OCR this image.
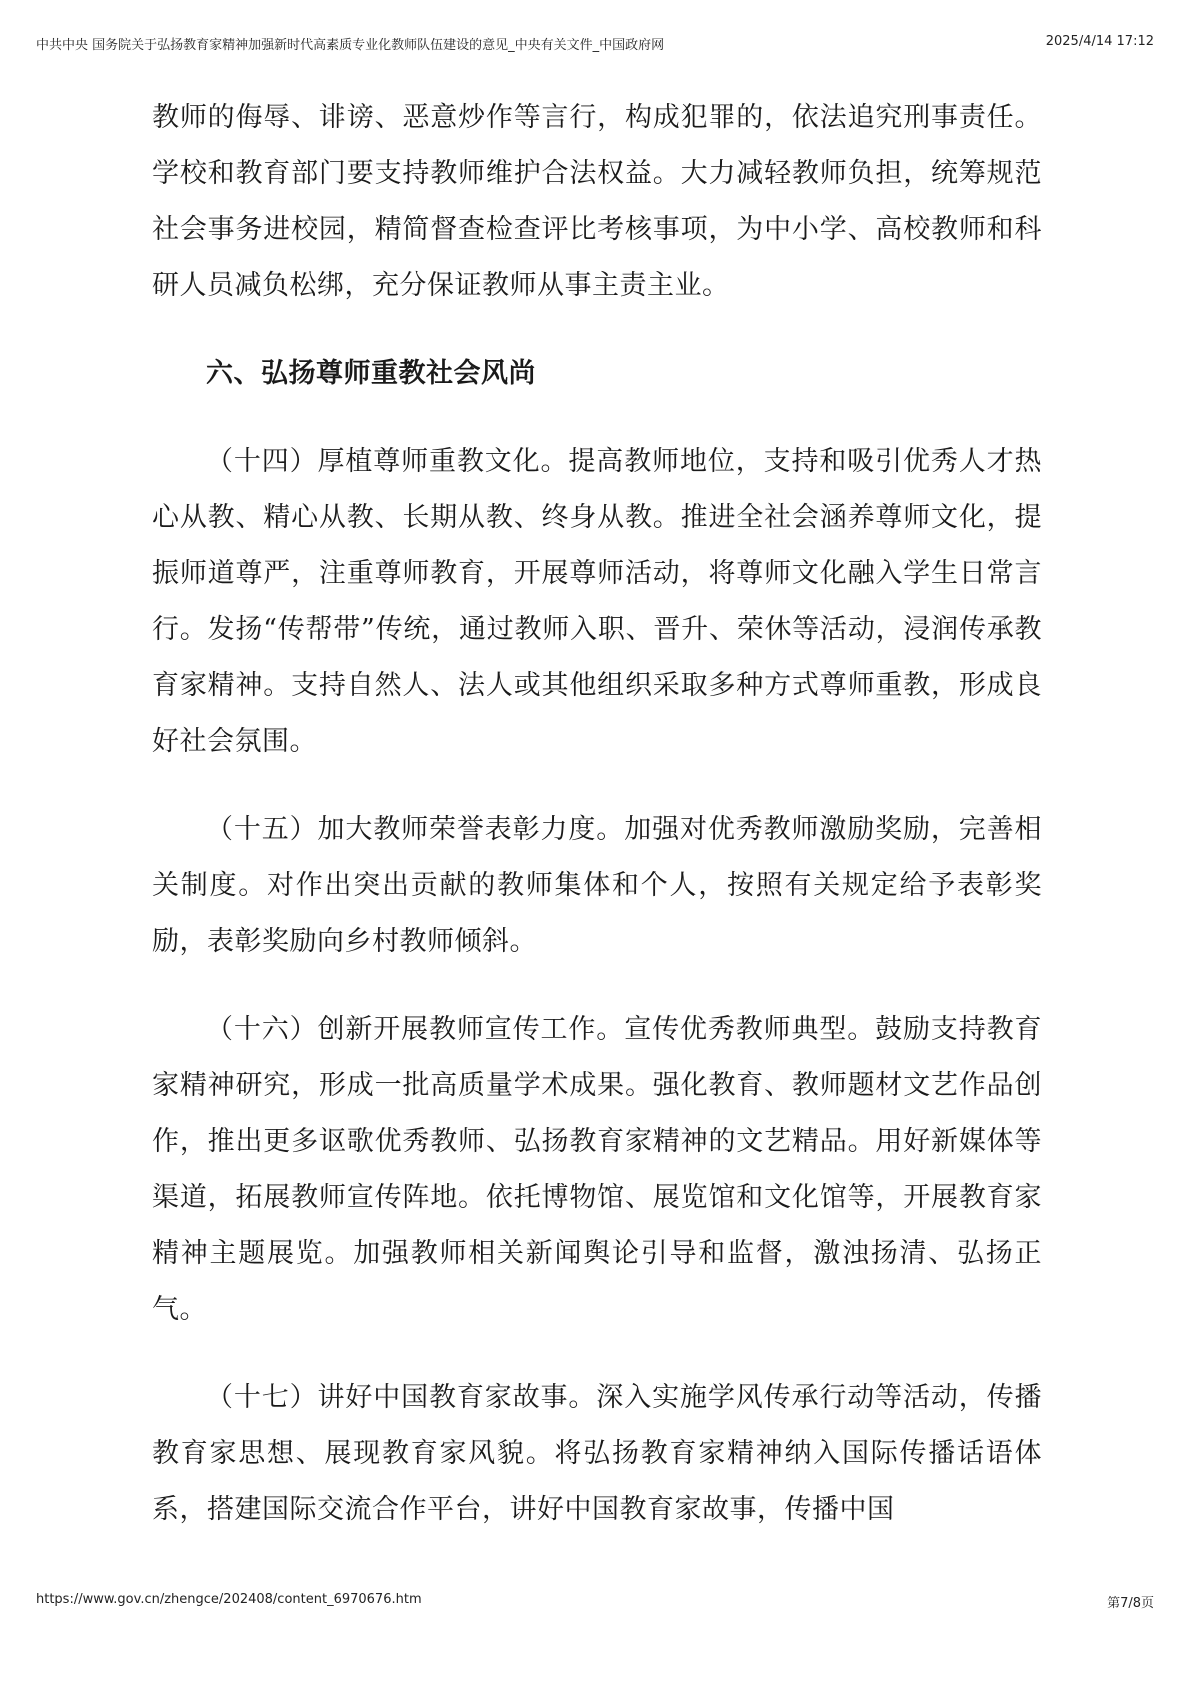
中共中央 国务院关于弘扬教育家精神加强新时代高素质专业化教师队伍建设的意见_中央有关文件_中国政府网	2025/4/14 17:12

教师的侮辱、诽谤、恶意炒作等言行，构成犯罪的，依法追究刑事责任。学校和教育部门要支持教师维护合法权益。大力减轻教师负担，统筹规范社会事务进校园，精简督查检查评比考核事项，为中小学、高校教师和科研人员减负松绑，充分保证教师从事主责主业。

六、弘扬尊师重教社会风尚

（十四）厚植尊师重教文化。提高教师地位，支持和吸引优秀人才热心从教、精心从教、长期从教、终身从教。推进全社会涵养尊师文化，提振师道尊严，注重尊师教育，开展尊师活动，将尊师文化融入学生日常言行。发扬“传帮带”传统，通过教师入职、晋升、荣休等活动，浸润传承教育家精神。支持自然人、法人或其他组织采取多种方式尊师重教，形成良好社会氛围。

（十五）加大教师荣誉表彰力度。加强对优秀教师激励奖励，完善相关制度。对作出突出贡献的教师集体和个人，按照有关规定给予表彰奖励，表彰奖励向乡村教师倾斜。

（十六）创新开展教师宣传工作。宣传优秀教师典型。鼓励支持教育家精神研究，形成一批高质量学术成果。强化教育、教师题材文艺作品创作，推出更多讴歌优秀教师、弘扬教育家精神的文艺精品。用好新媒体等渠道，拓展教师宣传阵地。依托博物馆、展览馆和文化馆等，开展教育家精神主题展览。加强教师相关新闻舆论引导和监督，激浊扬清、弘扬正气。

（十七）讲好中国教育家故事。深入实施学风传承行动等活动，传播教育家思想、展现教育家风貌。将弘扬教育家精神纳入国际传播话语体系，搭建国际交流合作平台，讲好中国教育家故事，传播中国

https://www.gov.cn/zhengce/202408/content_6970676.htm	第7/8页
